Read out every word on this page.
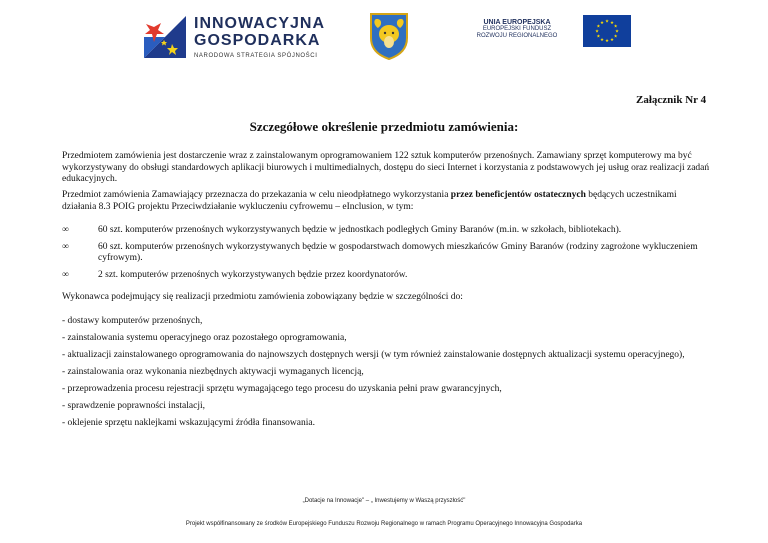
INNOWACYJNA
GOSPODARKA
NARODOWA STRATEGIA SPÓJNOŚCI
UNIA EUROPEJSKA
EUROPEJSKI FUNDUSZ
ROZWOJU REGIONALNEGO
★ ★
★
★
★
★
★
★
★
★
★
★
Załącznik Nr 4
Szczegółowe określenie przedmiotu zamówienia:
Przedmiotem zamówienia jest dostarczenie wraz z zainstalowanym oprogramowaniem 122 sztuk komputerów przenośnych. Zamawiany sprzęt komputerowy ma być wykorzystywany do obsługi standardowych aplikacji biurowych i multimedialnych, dostępu do sieci Internet i korzystania z podstawowych jej usług oraz realizacji zadań edukacyjnych.
Przedmiot zamówienia Zamawiający przeznacza do przekazania w celu nieodpłatnego wykorzystania przez beneficjentów ostatecznych będących uczestnikami działania 8.3 POIG projektu Przeciwdziałanie wykluczeniu cyfrowemu – eInclusion, w tym:
∞	60 szt. komputerów przenośnych wykorzystywanych będzie w jednostkach podległych Gminy Baranów (m.in. w szkołach, bibliotekach).
∞	60 szt. komputerów przenośnych wykorzystywanych będzie w gospodarstwach domowych mieszkańców Gminy Baranów (rodziny zagrożone wykluczeniem cyfrowym).
∞	2 szt. komputerów przenośnych wykorzystywanych będzie przez koordynatorów.
Wykonawca podejmujący się realizacji przedmiotu zamówienia zobowiązany będzie w szczególności do:
- dostawy komputerów przenośnych,
- zainstalowania systemu operacyjnego oraz pozostałego oprogramowania,
- aktualizacji zainstalowanego oprogramowania do najnowszych dostępnych wersji (w tym również zainstalowanie dostępnych aktualizacji systemu operacyjnego),
- zainstalowania oraz wykonania niezbędnych aktywacji wymaganych licencją,
- przeprowadzenia procesu rejestracji sprzętu wymagającego tego procesu do uzyskania pełni praw gwarancyjnych,
- sprawdzenie poprawności instalacji,
- oklejenie sprzętu naklejkami wskazującymi źródła finansowania.
„Dotacje na Innowacje" – „ Inwestujemy w Waszą przyszłość"
Projekt współfinansowany ze środków Europejskiego Funduszu Rozwoju Regionalnego w ramach Programu Operacyjnego Innowacyjna Gospodarka
